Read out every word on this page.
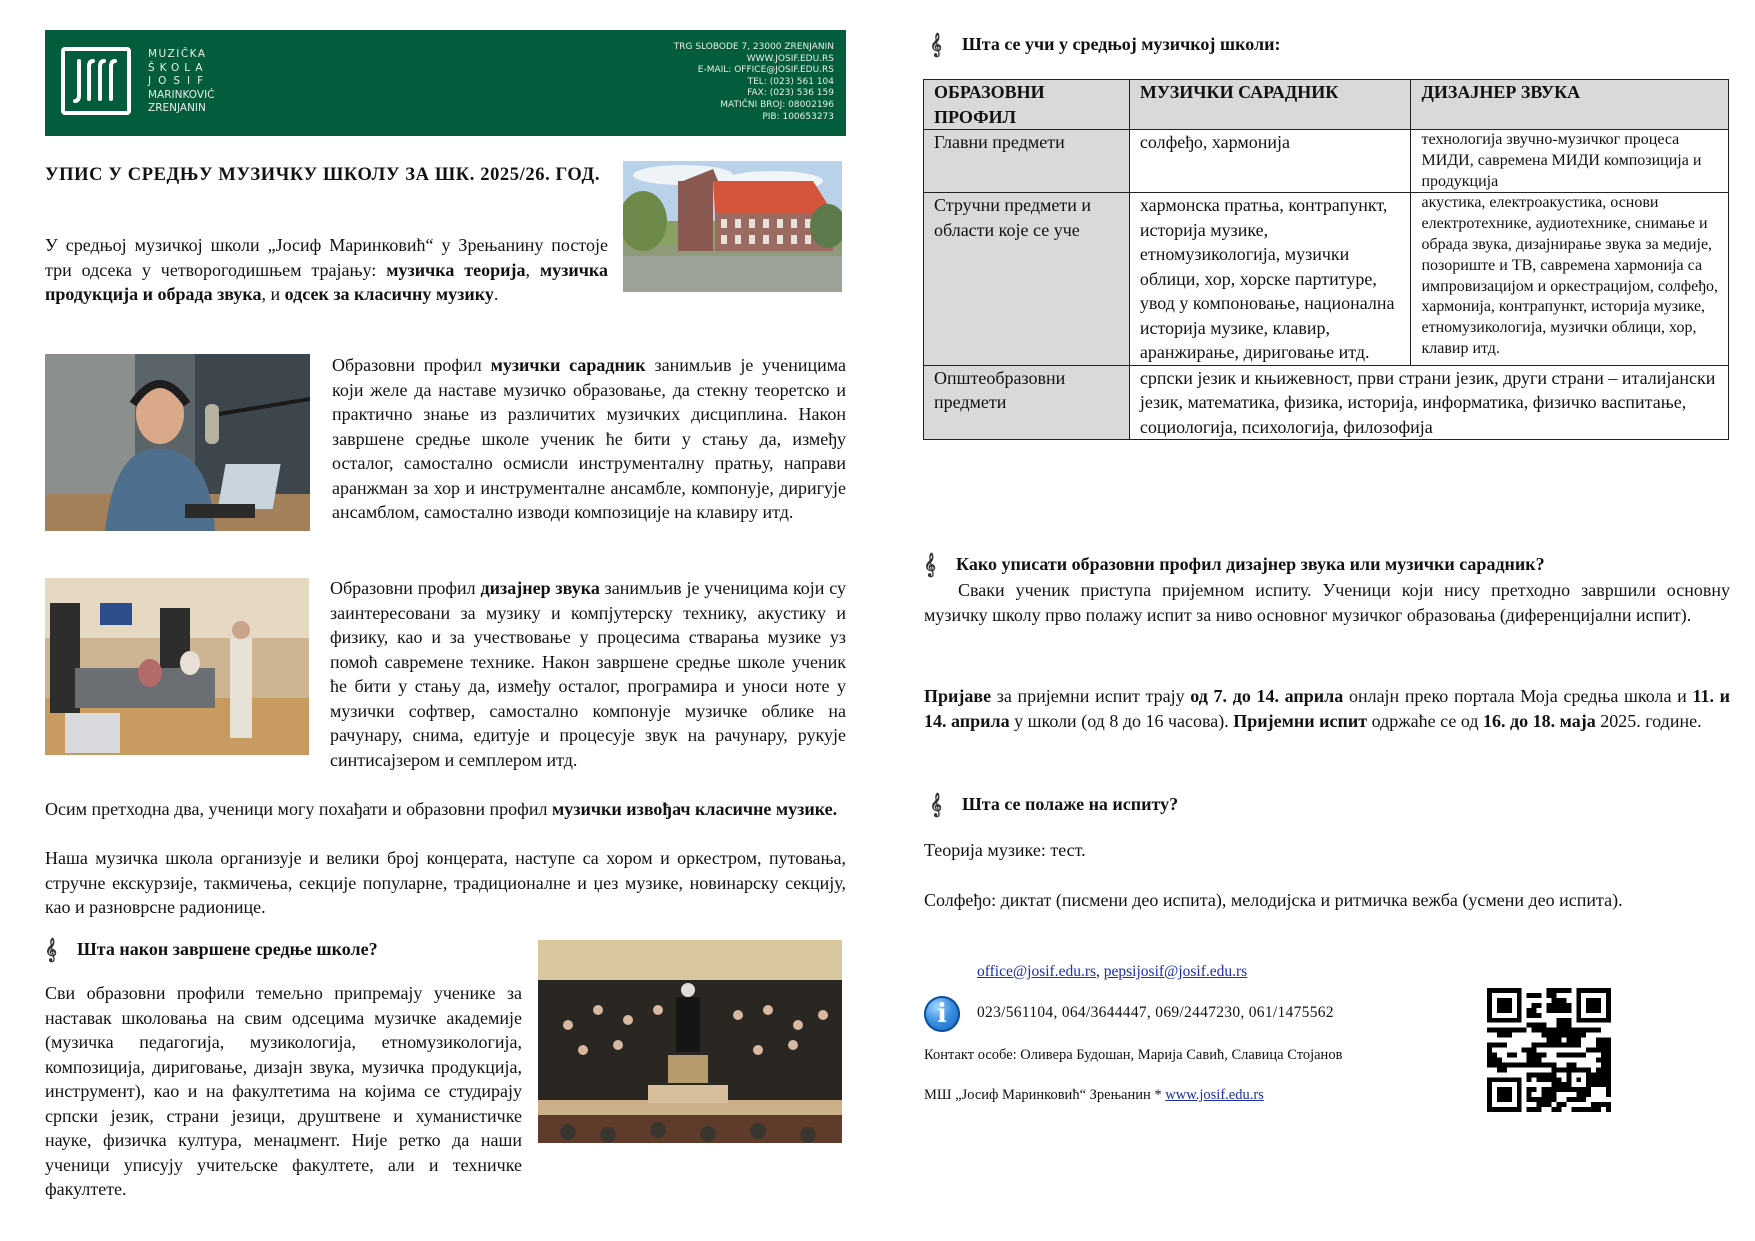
MUZIČKA
ŠKOLA
JOSIF
MARINKOVIĆ
ZRENJANIN
TRG SLOBODE 7, 23000 ZRENJANIN
WWW.JOSIF.EDU.RS
E-MAIL: OFFICE@JOSIF.EDU.RS
TEL: (023) 561 104
FAX: (023) 536 159
MATIČNI BROJ: 08002196
PIB: 100653273
УПИС У СРЕДЊУ МУЗИЧКУ ШКОЛУ ЗА ШК. 2025/26. ГОД.
У средњој музичкој школи „Јосиф Маринковић“ у Зрењанину постоје три одсека у четворогодишњем трајању: музичка теорија, музичка продукција и обрада звука, и одсек за класичну музику.
Образовни профил музички сарадник занимљив је ученицима који желе да наставе музичко образовање, да стекну теоретско и практично знање из различитих музичких дисциплина. Након завршене средње школе ученик ће бити у стању да, између осталог, самостално осмисли инструменталну пратњу, направи аранжман за хор и инструменталне ансамбле, компонује, диригује ансамблом, самостално изводи композиције на клавиру итд.
Образовни профил дизајнер звука занимљив је ученицима који су заинтересовани за музику и компјутерску технику, акустику и физику, као и за учествовање у процесима стварања музике уз помоћ савремене технике. Након завршене средње школе ученик ће бити у стању да, између осталог, програмира и уноси ноте у музички софтвер, самостално компонује музичке облике на рачунару, снима, едитује и процесује звук на рачунару, рукује синтисајзером и семплером итд.
Осим претходна два, ученици могу похађати и образовни профил музички извођач класичне музике.
Наша музичка школа организује и велики број концерата, наступе са хором и оркестром, путовања, стручне екскурзије, такмичења, секције популарне, традиционалне и џез музике, новинарску секцију, као и разноврсне радионице.
𝄞	Шта након завршене средње школе?
Сви образовни профили темељно припремају ученике за наставак школовања на свим одсецима музичке академије (музичка педагогија, музикологија, етномузикологија, композиција, дириговање, дизајн звука, музичка продукција, инструмент), као и на факултетима на којима се студирају српски језик, страни језици, друштвене и хуманистичке науке, физичка култура, менаџмент. Није ретко да наши ученици уписују учитељске факултете, али и техничке факултете.
𝄞	Шта се учи у средњој музичкој школи:
ОБРАЗОВНИ ПРОФИЛ	МУЗИЧКИ САРАДНИК	ДИЗАЈНЕР ЗВУКА
Главни предмети	солфеђо, хармонија	технологија звучно-музичког процеса МИДИ, савремена МИДИ композиција и продукција
Стручни предмети и области које се уче	хармонска пратња, контрапункт, историја музике, етномузикологија, музички облици, хор, хорске партитуре, увод у компоновање, национална историја музике, клавир, аранжирање, дириговање итд.	акустика, електроакустика, основи електротехнике, аудиотехнике, снимање и обрада звука, дизајнирање звука за медије, позориште и ТВ, савремена хармонија са импровизацијом и оркестрацијом, солфеђо, хармонија, контрапункт, историја музике, етномузикологија, музички облици, хор, клавир итд.
Општеобразовни предмети	српски језик и књижевност, први страни језик, други страни – италијански језик, математика, физика, историја, информатика, физичко васпитање, социологија, психологија, филозофија	
𝄞	Како уписати образовни профил дизајнер звука или музички сарадник?
Сваки ученик приступа пријемном испиту. Ученици који нису претходно завршили основну музичку школу прво полажу испит за ниво основног музичког образовања (диференцијални испит).
Пријаве за пријемни испит трају од 7. до 14. априла онлајн преко портала Моја средња школа и 11. и 14. априла у школи (од 8 до 16 часова). Пријемни испит одржаће се од 16. до 18. маја 2025. године.
𝄞	Шта се полаже на испиту?
Теорија музике: тест.
Солфеђо: диктат (писмени део испита), мелодијска и ритмичка вежба (усмени део испита).
office@josif.edu.rs, pepsijosif@josif.edu.rs
i	023/561104, 064/3644447, 069/2447230, 061/1475562
Контакт особе: Оливера Будошан, Марија Савић, Славица Стојанов
МШ „Јосиф Маринковић“ Зрењанин * www.josif.edu.rs
